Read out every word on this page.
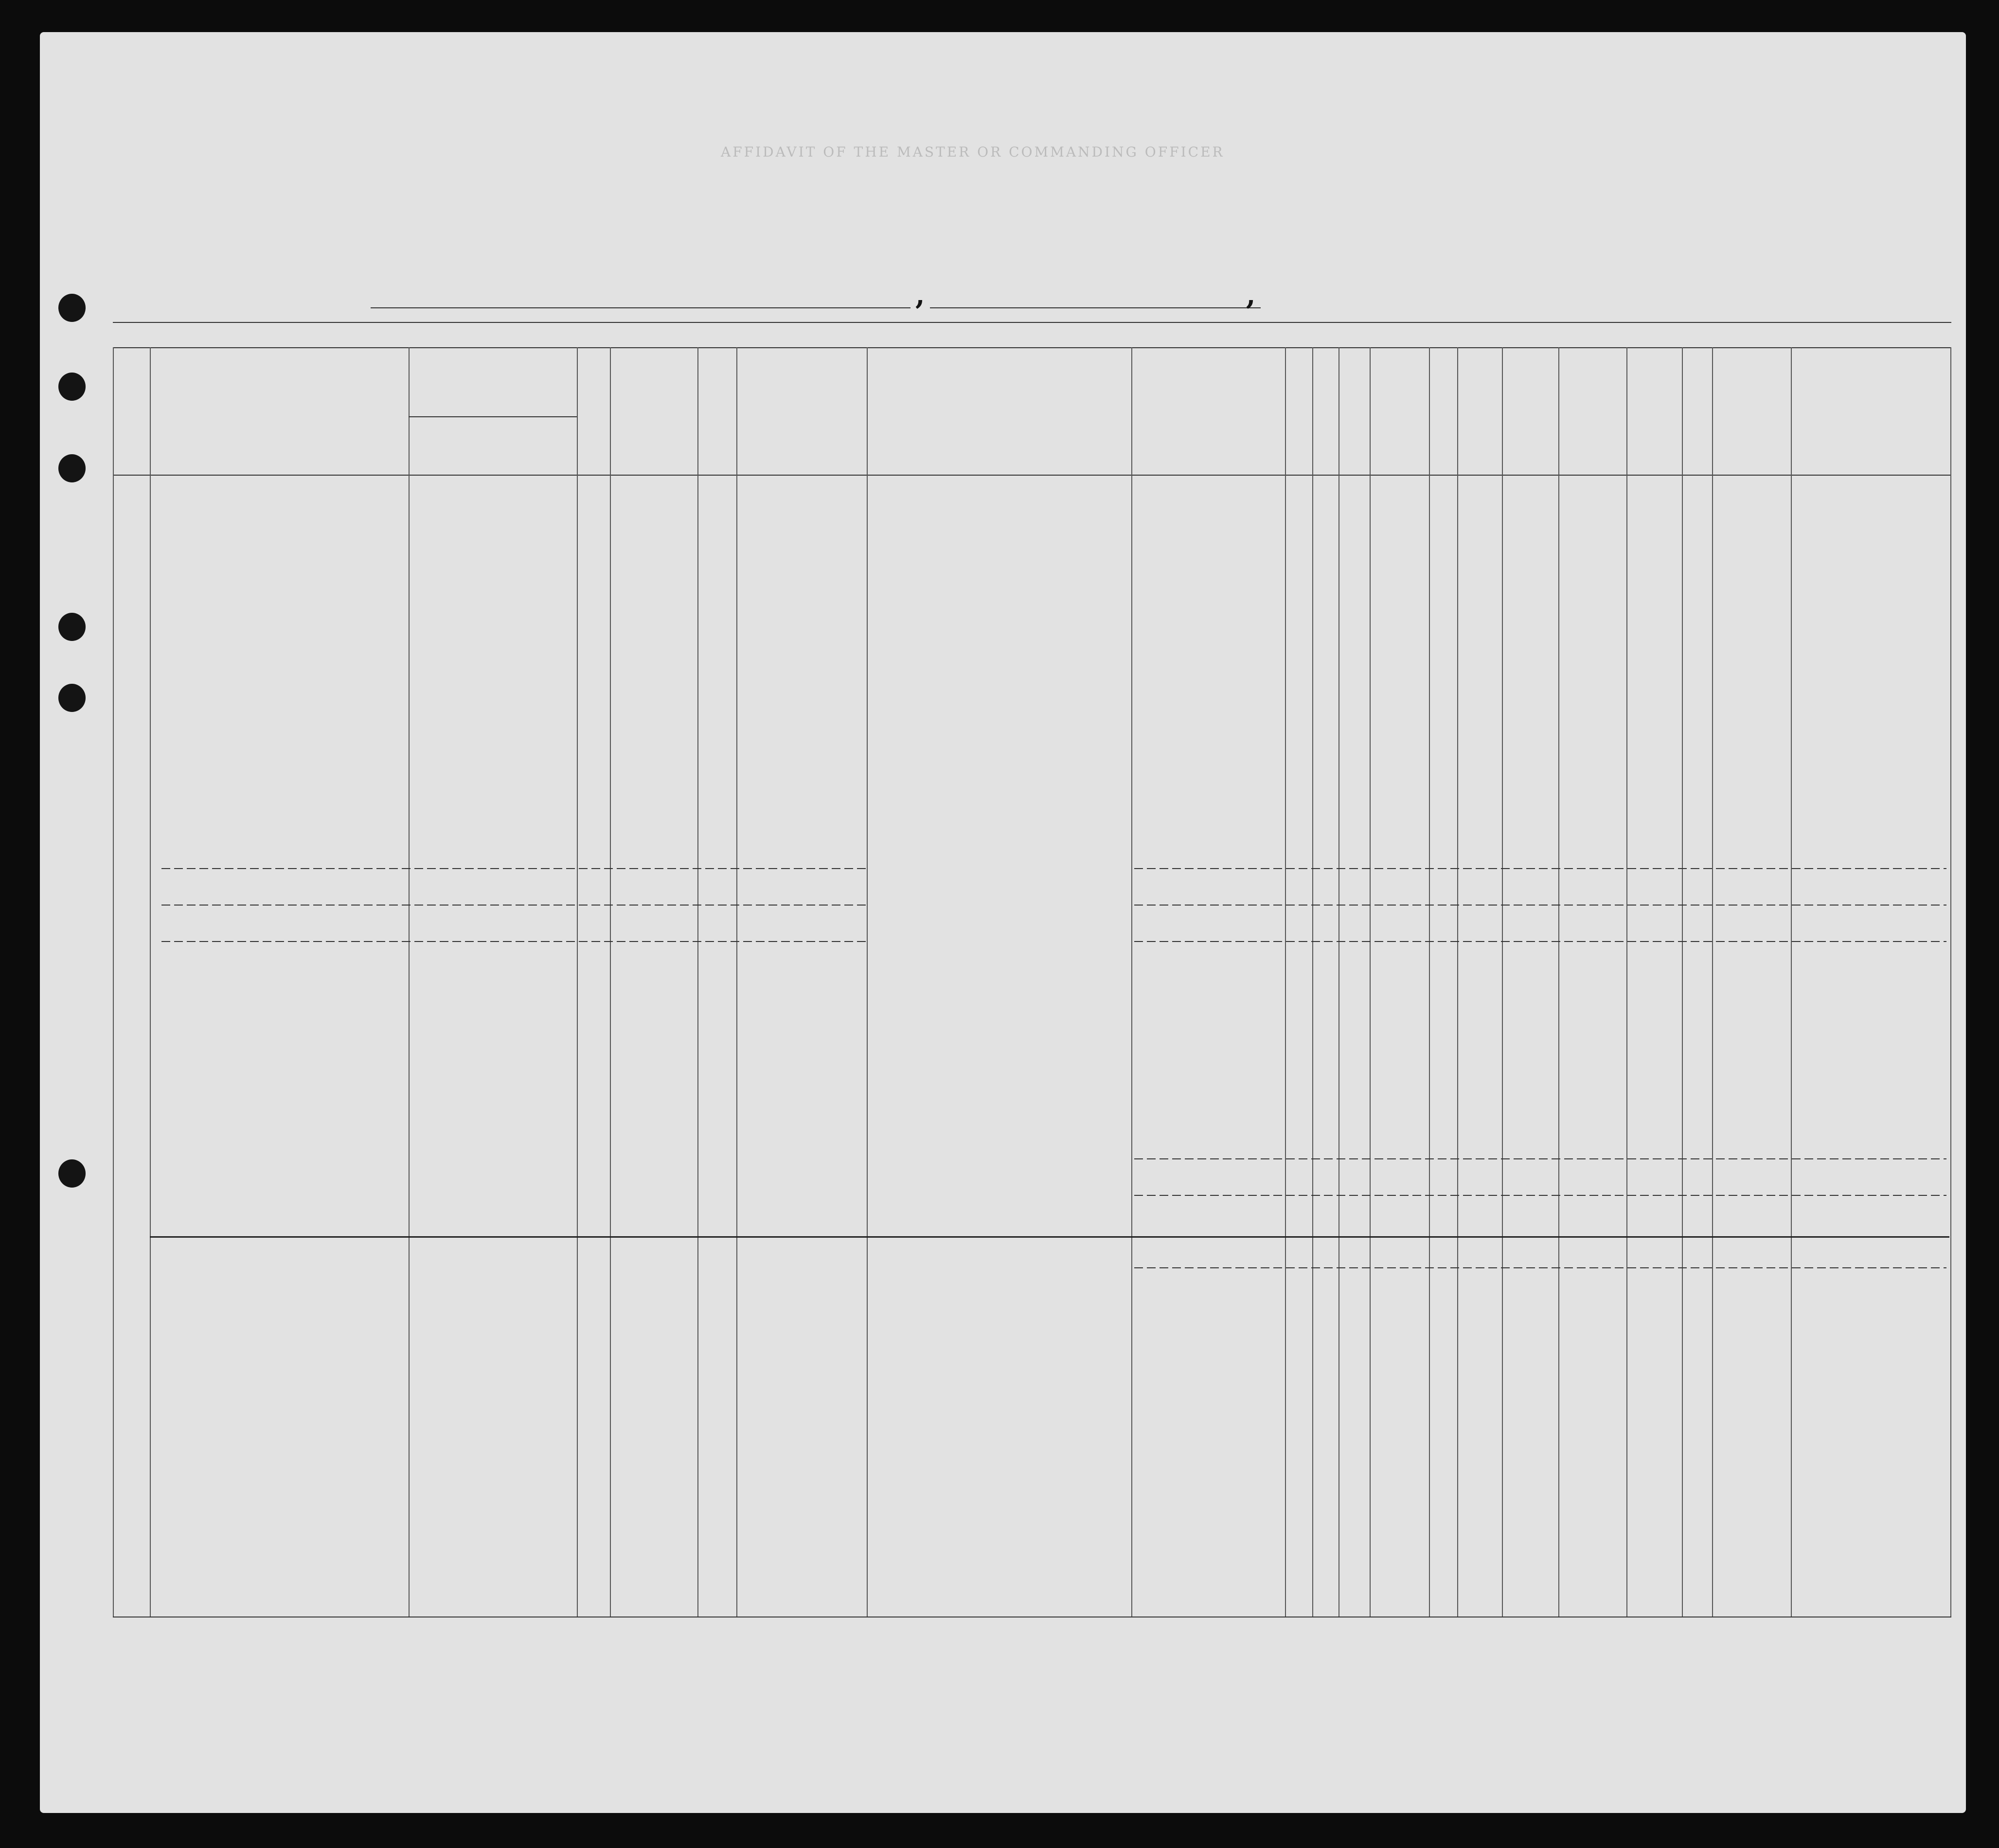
AFFIDAVIT OF THE MASTER OR COMMANDING OFFICER
,	,
